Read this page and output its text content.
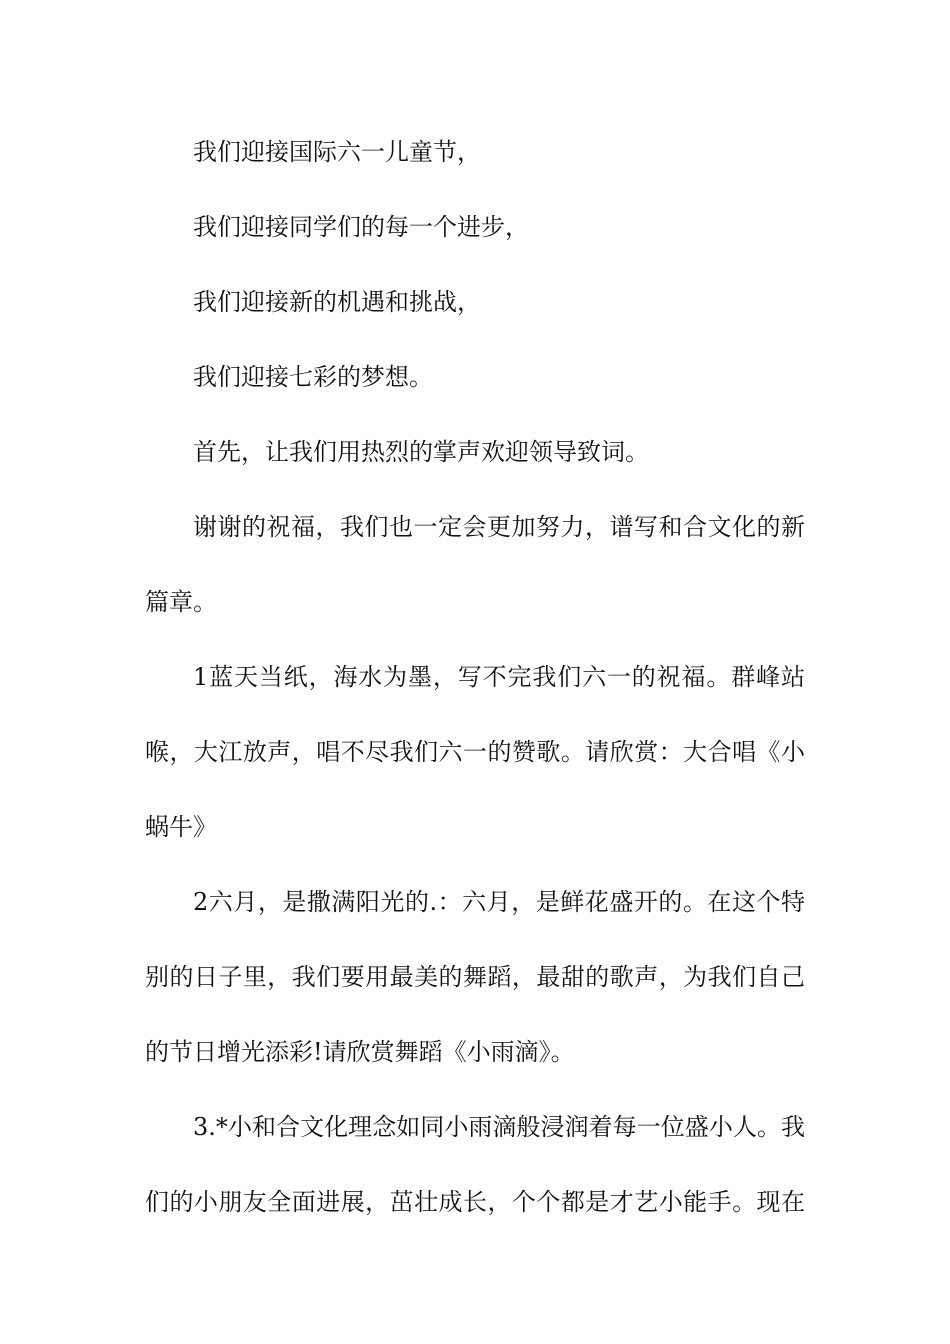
我们迎接国际六一儿童节，
我们迎接同学们的每一个进步，
我们迎接新的机遇和挑战，
我们迎接七彩的梦想。
首先，让我们用热烈的掌声欢迎领导致词。
谢谢的祝福，我们也一定会更加努力，谱写和合文化的新
篇章。
1蓝天当纸，海水为墨，写不完我们六一的祝福。群峰站
喉，大江放声，唱不尽我们六一的赞歌。请欣赏：大合唱《小
蜗牛》
2六月，是撒满阳光的.：六月，是鲜花盛开的。在这个特
别的日子里，我们要用最美的舞蹈，最甜的歌声，为我们自己
的节日增光添彩!请欣赏舞蹈《小雨滴》。
3.*小和合文化理念如同小雨滴般浸润着每一位盛小人。我
们的小朋友全面进展，茁壮成长，个个都是才艺小能手。现在
